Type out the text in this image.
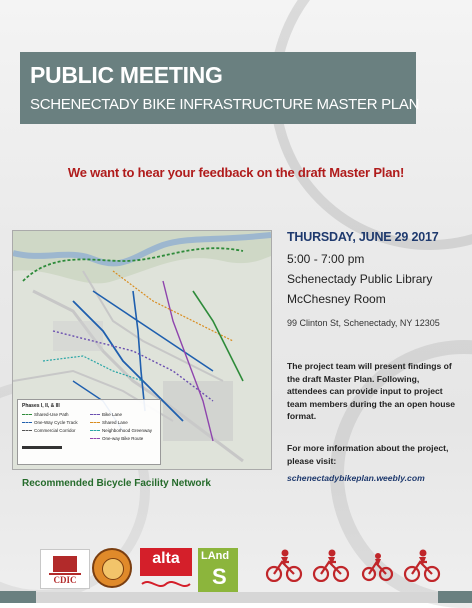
PUBLIC MEETING
SCHENECTADY BIKE INFRASTRUCTURE MASTER PLAN
We want to hear your feedback on the draft Master Plan!
Phases I, II, & III
Shared-Use Path
One-Way Cycle Track
Commercial Corridor
Bike Lane
Shared Lane
Neighborhood Greenway
One-way Bike Route
Recommended Bicycle Facility Network
THURSDAY, JUNE 29 2017
5:00 - 7:00 pm
Schenectady Public Library
McChesney Room
99 Clinton St, Schenectady, NY 12305
The project team will present findings of the draft Master Plan. Following, attendees can provide input to project team members during the an open house format.
For more information about the project, please visit:
schenectadybikeplan.weebly.com
CDIC
alta	LAnd
S
